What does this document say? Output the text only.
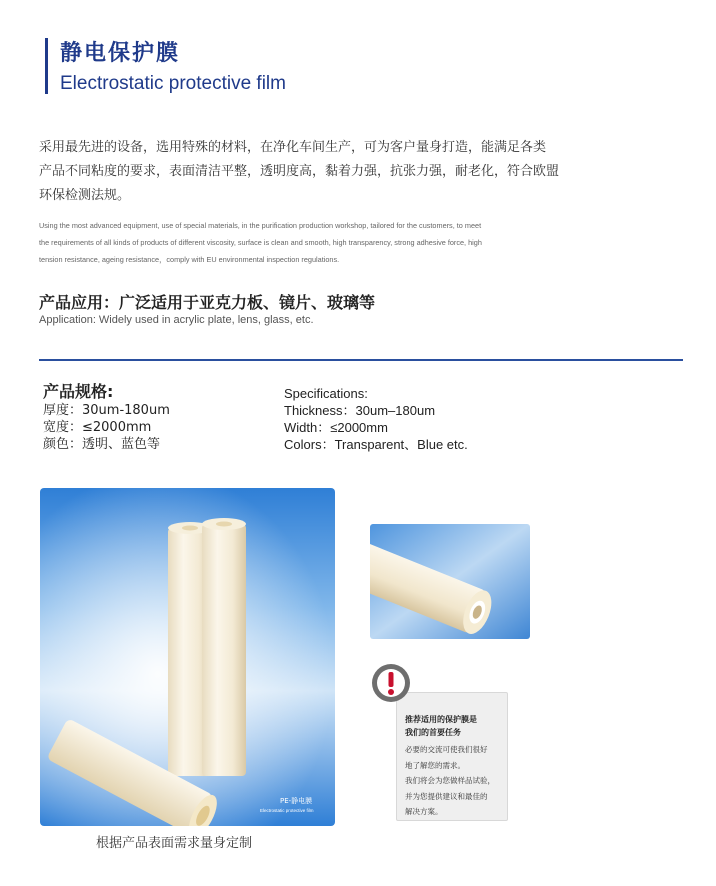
静电保护膜
Electrostatic protective film
采用最先进的设备，选用特殊的材料，在净化车间生产，可为客户量身打造，能满足各类
产品不同粘度的要求，表面清洁平整，透明度高，黏着力强，抗张力强，耐老化，符合欧盟
环保检测法规。
Using the most advanced equipment, use of special materials, in the purification production workshop, tailored for the customers, to meet
the requirements of all kinds of products of different viscosity, surface is clean and smooth, high transparency, strong adhesive force, high
tension resistance, ageing resistance，comply with EU environmental inspection regulations.
产品应用：广泛适用于亚克力板、镜片、玻璃等
Application: Widely used in acrylic plate, lens, glass, etc.
产品规格:
厚度：30um-180um
宽度：≤2000mm
颜色：透明、蓝色等
Specifications:
Thickness：30um–180um
Width：≤2000mm
Colors：Transparent、Blue etc.
PE-静电膜
Electrostatic protective film
根据产品表面需求量身定制
推荐适用的保护膜是
我们的首要任务
必要的交流可使我们很好
地了解您的需求。
我们将会为您做样品试验，
并为您提供建议和最佳的
解决方案。
